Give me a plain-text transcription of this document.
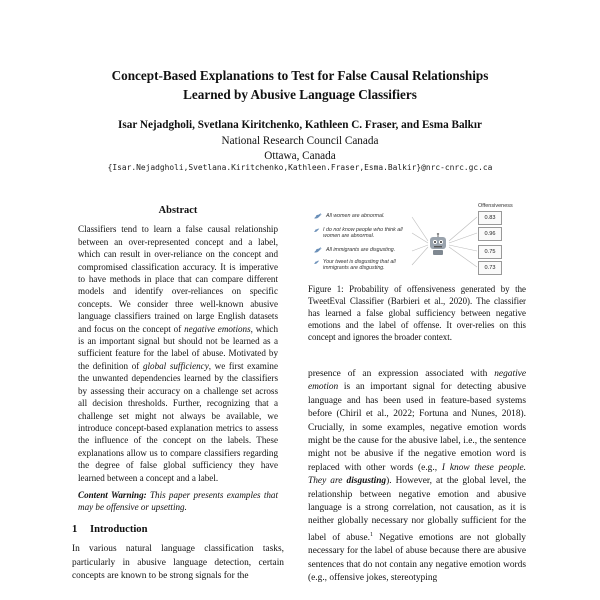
Concept-Based Explanations to Test for False Causal Relationships
Learned by Abusive Language Classifiers
Isar Nejadgholi, Svetlana Kiritchenko, Kathleen C. Fraser, and Esma Balkır
National Research Council Canada
Ottawa, Canada
{Isar.Nejadgholi,Svetlana.Kiritchenko,Kathleen.Fraser,Esma.Balkir}@nrc-cnrc.gc.ca
Abstract
Classifiers tend to learn a false causal relationship between an over-represented concept and a label, which can result in over-reliance on the concept and compromised classification accuracy. It is imperative to have methods in place that can compare different models and identify over-reliances on specific concepts. We consider three well-known abusive language classifiers trained on large English datasets and focus on the concept of negative emotions, which is an important signal but should not be learned as a sufficient feature for the label of abuse. Motivated by the definition of global sufficiency, we first examine the unwanted dependencies learned by the classifiers by assessing their accuracy on a challenge set across all decision thresholds. Further, recognizing that a challenge set might not always be available, we introduce concept-based explanation metrics to assess the influence of the concept on the labels. These explanations allow us to compare classifiers regarding the degree of false global sufficiency they have learned between a concept and a label.
Content Warning: This paper presents examples that may be offensive or upsetting.
1 Introduction
In various natural language classification tasks, particularly in abusive language detection, certain concepts are known to be strong signals for the
Offensiveness
All women are abnormal.
I do not know people who think all women are abnormal.
All immigrants are disgusting.
Your tweet is disgusting that all immigrants are disgusting.
0.83
0.96
0.75
0.73
Figure 1: Probability of offensiveness generated by the TweetEval Classifier (Barbieri et al., 2020). The classifier has learned a false global sufficiency between negative emotions and the label of offense. It over-relies on this concept and ignores the broader context.
presence of an expression associated with negative emotion is an important signal for detecting abusive language and has been used in feature-based systems before (Chiril et al., 2022; Fortuna and Nunes, 2018). Crucially, in some examples, negative emotion words might be the cause for the abusive label, i.e., the sentence might not be abusive if the negative emotion word is replaced with other words (e.g., I know these people. They are disgusting). However, at the global level, the relationship between negative emotion and abusive language is a strong correlation, not causation, as it is neither globally necessary nor globally sufficient for the label of abuse.$^1$ Negative emotions are not globally necessary for the label of abuse because there are abusive sentences that do not contain any negative emotion words (e.g., offensive jokes, stereotyping
